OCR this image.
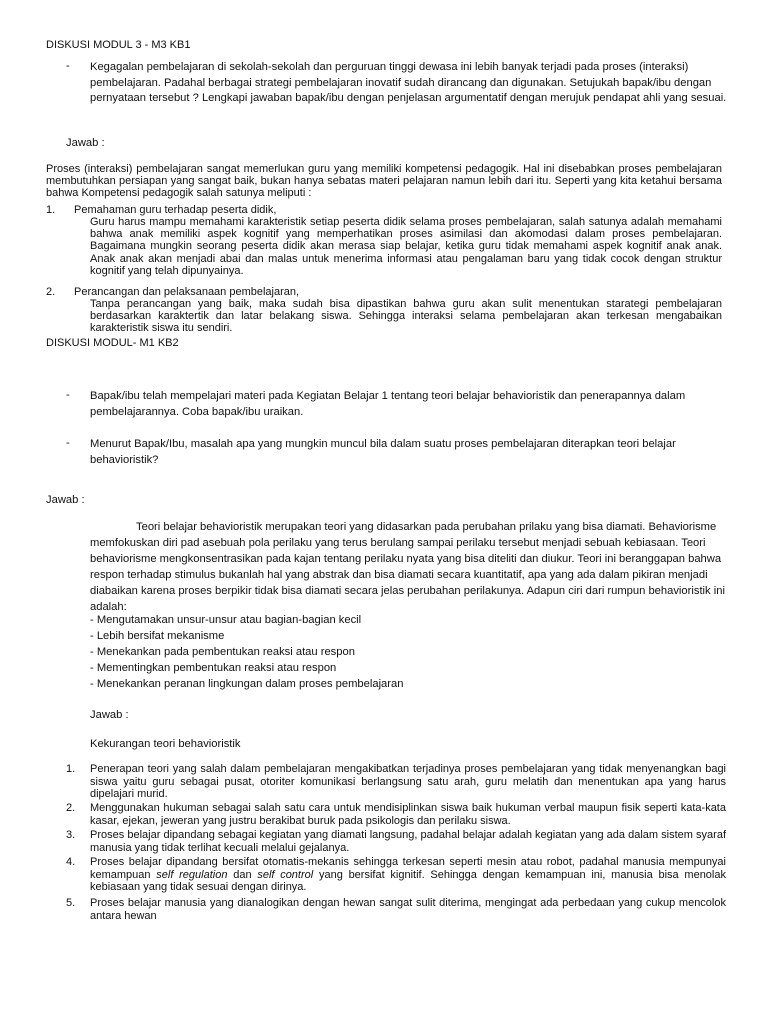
DISKUSI MODUL 3 - M3 KB1
- Kegagalan pembelajaran di sekolah-sekolah dan perguruan tinggi dewasa ini lebih banyak terjadi pada proses (interaksi) pembelajaran. Padahal berbagai strategi pembelajaran inovatif sudah dirancang dan digunakan. Setujukah bapak/ibu dengan pernyataan tersebut ? Lengkapi jawaban bapak/ibu dengan penjelasan argumentatif dengan merujuk pendapat ahli yang sesuai.
Jawab :
Proses (interaksi) pembelajaran sangat memerlukan guru yang memiliki kompetensi pedagogik. Hal ini disebabkan proses pembelajaran membutuhkan persiapan yang sangat baik, bukan hanya sebatas materi pelajaran namun lebih dari itu. Seperti yang kita ketahui bersama bahwa Kompetensi pedagogik salah satunya meliputi :
1. Pemahaman guru terhadap peserta didik,
Guru harus mampu memahami karakteristik setiap peserta didik selama proses pembelajaran, salah satunya adalah memahami bahwa anak memiliki aspek kognitif yang memperhatikan proses asimilasi dan akomodasi dalam proses pembelajaran. Bagaimana mungkin seorang peserta didik akan merasa siap belajar, ketika guru tidak memahami aspek kognitif anak anak. Anak anak akan menjadi abai dan malas untuk menerima informasi atau pengalaman baru yang tidak cocok dengan struktur kognitif yang telah dipunyainya.
2. Perancangan dan pelaksanaan pembelajaran,
Tanpa perancangan yang baik, maka sudah bisa dipastikan bahwa guru akan sulit menentukan starategi pembelajaran berdasarkan karaktertik dan latar belakang siswa. Sehingga interaksi selama pembelajaran akan terkesan mengabaikan karakteristik siswa itu sendiri.
DISKUSI MODUL- M1 KB2
- Bapak/ibu telah mempelajari materi pada Kegiatan Belajar 1 tentang teori belajar behavioristik dan penerapannya dalam pembelajarannya. Coba bapak/ibu uraikan.
- Menurut Bapak/Ibu, masalah apa yang mungkin muncul bila dalam suatu proses pembelajaran diterapkan teori belajar behavioristik?
Jawab :
Teori belajar behavioristik merupakan teori yang didasarkan pada perubahan prilaku yang bisa diamati. Behaviorisme memfokuskan diri pad asebuah pola perilaku yang terus berulang sampai perilaku tersebut menjadi sebuah kebiasaan. Teori behaviorisme mengkonsentrasikan pada kajan tentang perilaku nyata yang bisa diteliti dan diukur. Teori ini beranggapan bahwa respon terhadap stimulus bukanlah hal yang abstrak dan bisa diamati secara kuantitatif, apa yang ada dalam pikiran menjadi diabaikan karena proses berpikir tidak bisa diamati secara jelas perubahan perilakunya. Adapun ciri dari rumpun behavioristik ini adalah:
- Mengutamakan unsur-unsur atau bagian-bagian kecil
- Lebih bersifat mekanisme
- Menekankan pada pembentukan reaksi atau respon
- Mementingkan pembentukan reaksi atau respon
- Menekankan peranan lingkungan dalam proses pembelajaran
Jawab :
Kekurangan teori behavioristik
1. Penerapan teori yang salah dalam pembelajaran mengakibatkan terjadinya proses pembelajaran yang tidak menyenangkan bagi siswa yaitu guru sebagai pusat, otoriter komunikasi berlangsung satu arah, guru melatih dan menentukan apa yang harus dipelajari murid.
2. Menggunakan hukuman sebagai salah satu cara untuk mendisiplinkan siswa baik hukuman verbal maupun fisik seperti kata-kata kasar, ejekan, jeweran yang justru berakibat buruk pada psikologis dan perilaku siswa.
3. Proses belajar dipandang sebagai kegiatan yang diamati langsung, padahal belajar adalah kegiatan yang ada dalam sistem syaraf manusia yang tidak terlihat kecuali melalui gejalanya.
4. Proses belajar dipandang bersifat otomatis-mekanis sehingga terkesan seperti mesin atau robot, padahal manusia mempunyai kemampuan self regulation dan self control yang bersifat kignitif. Sehingga dengan kemampuan ini, manusia bisa menolak kebiasaan yang tidak sesuai dengan dirinya.
5. Proses belajar manusia yang dianalogikan dengan hewan sangat sulit diterima, mengingat ada perbedaan yang cukup mencolok antara hewan
